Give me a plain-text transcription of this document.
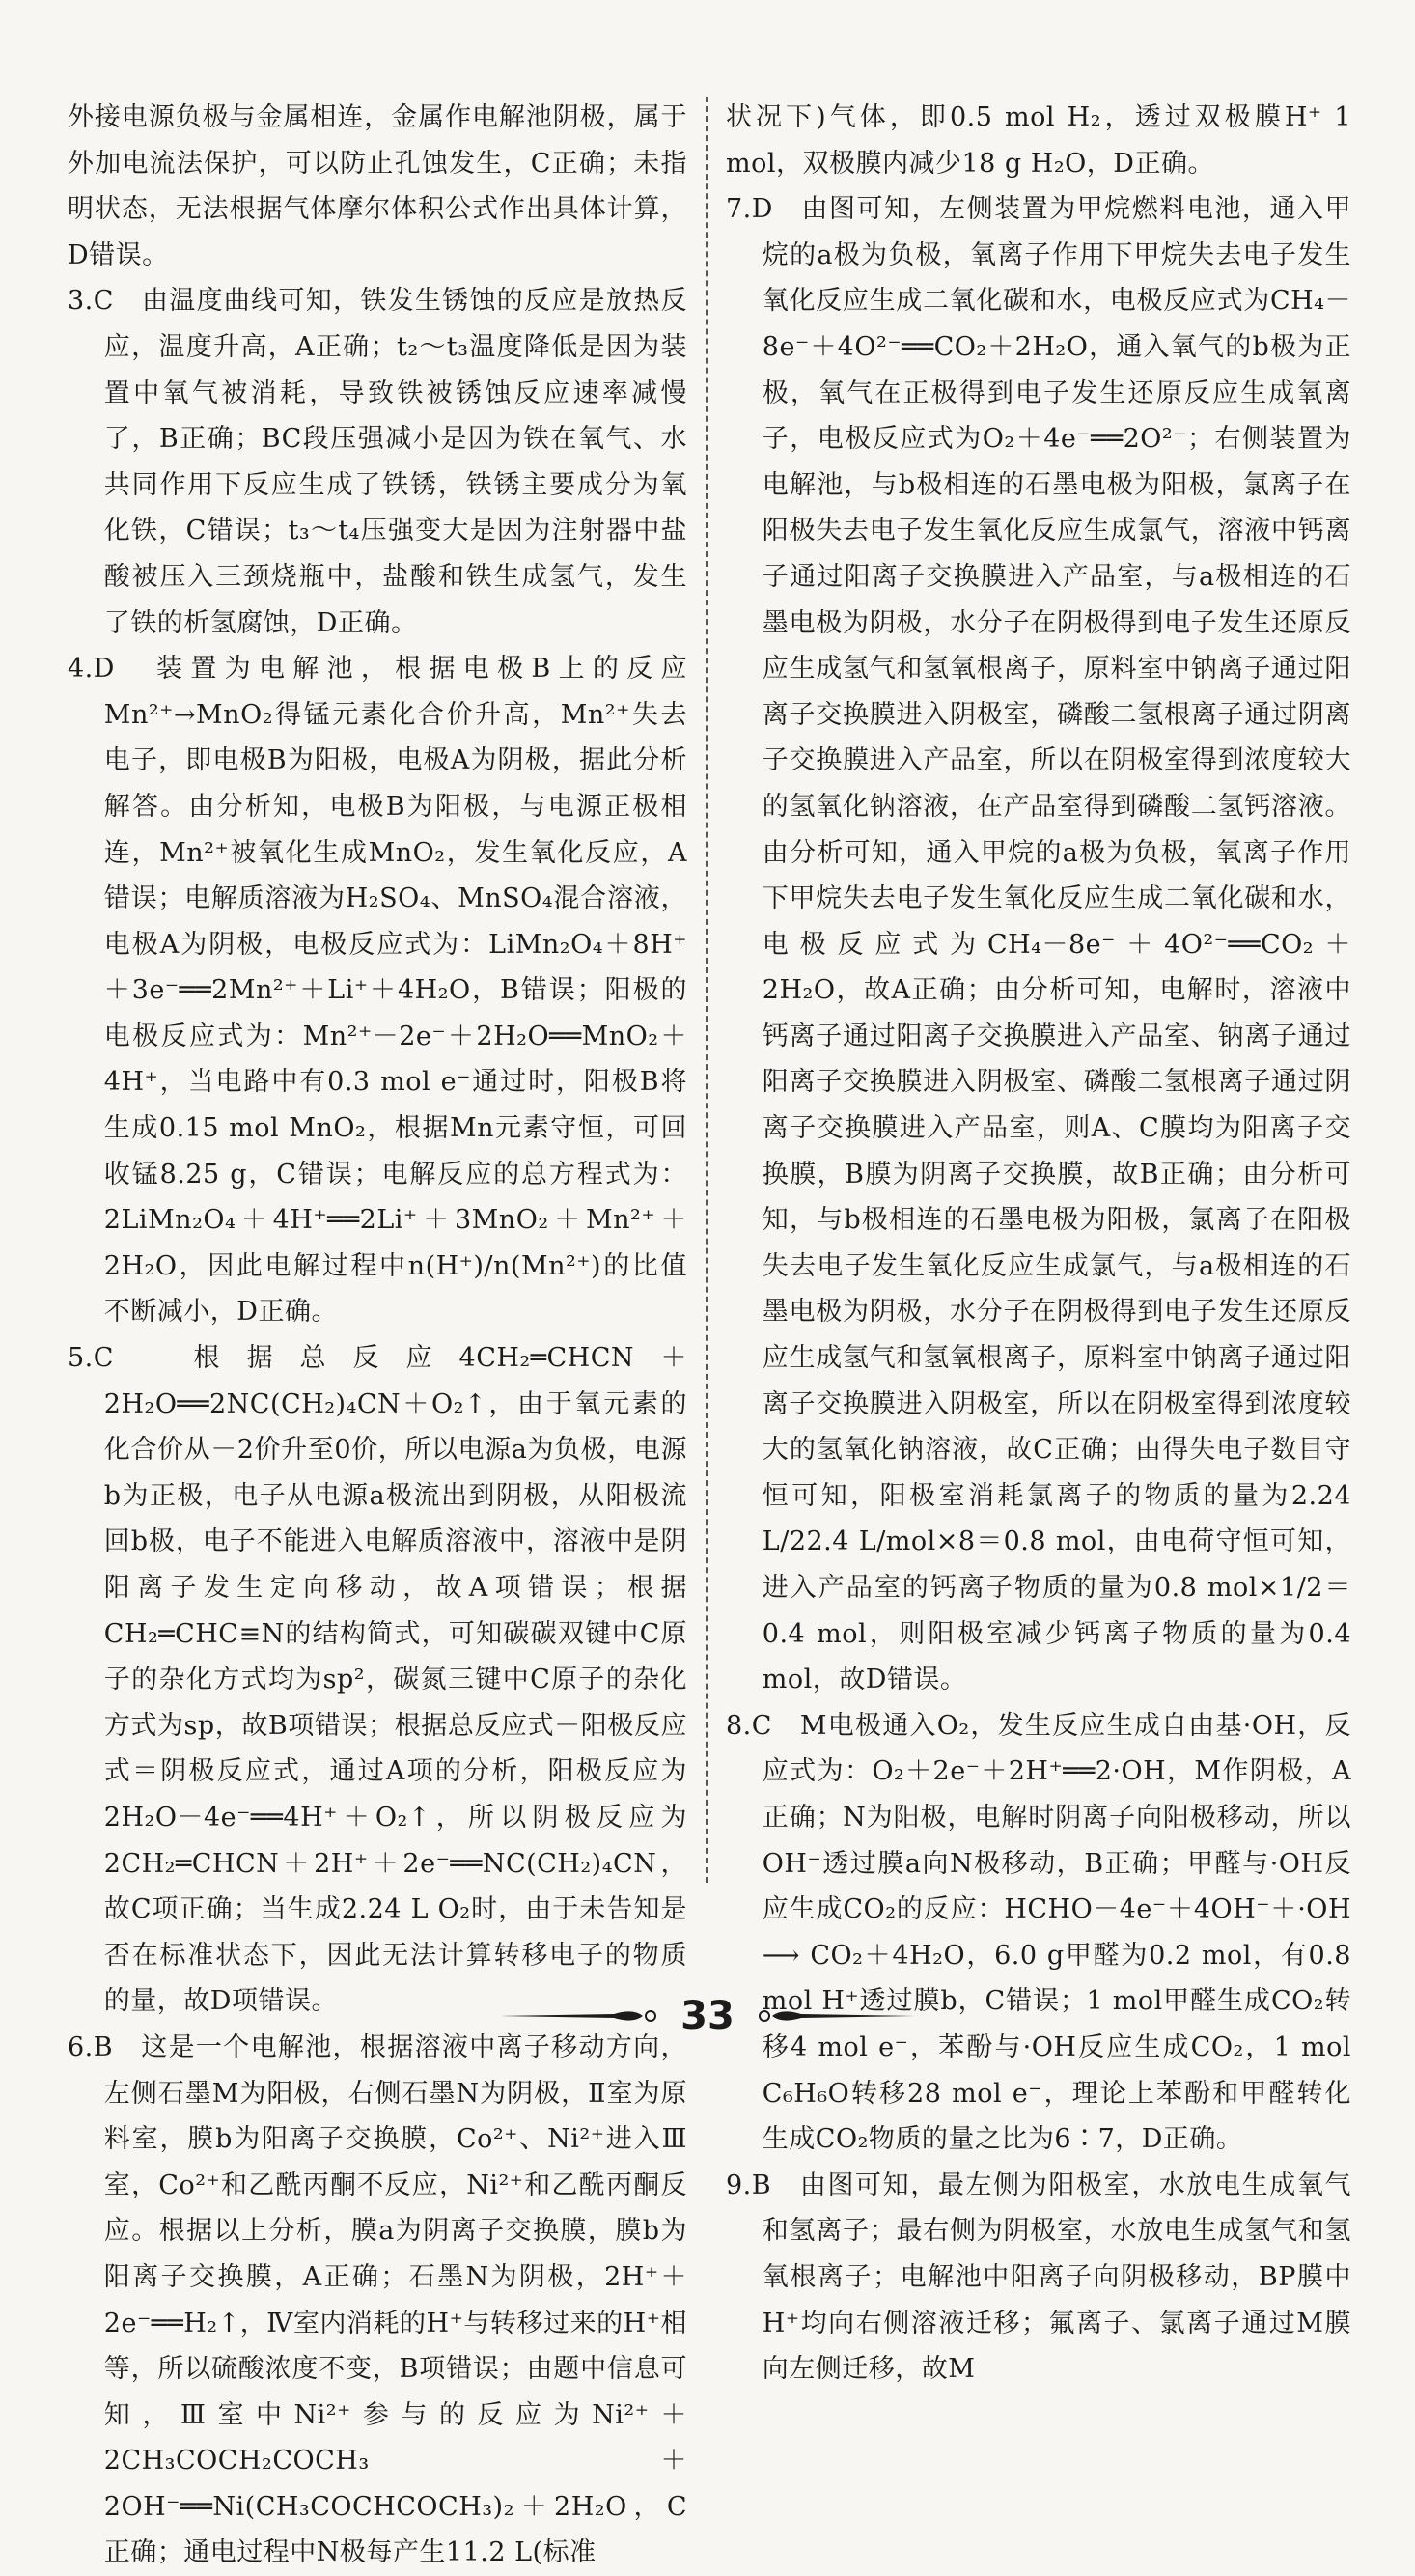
外接电源负极与金属相连，金属作电解池阴极，属于外加电流法保护，可以防止孔蚀发生，C正确；未指明状态，无法根据气体摩尔体积公式作出具体计算，D错误。

3.C　由温度曲线可知，铁发生锈蚀的反应是放热反应，温度升高，A正确；t₂～t₃温度降低是因为装置中氧气被消耗，导致铁被锈蚀反应速率减慢了，B正确；BC段压强减小是因为铁在氧气、水共同作用下反应生成了铁锈，铁锈主要成分为氧化铁，C错误；t₃～t₄压强变大是因为注射器中盐酸被压入三颈烧瓶中，盐酸和铁生成氢气，发生了铁的析氢腐蚀，D正确。

4.D　装置为电解池，根据电极B上的反应Mn²⁺→MnO₂得锰元素化合价升高，Mn²⁺失去电子，即电极B为阳极，电极A为阴极，据此分析解答。由分析知，电极B为阳极，与电源正极相连，Mn²⁺被氧化生成MnO₂，发生氧化反应，A错误；电解质溶液为H₂SO₄、MnSO₄混合溶液，电极A为阴极，电极反应式为：LiMn₂O₄＋8H⁺＋3e⁻══2Mn²⁺＋Li⁺＋4H₂O，B错误；阳极的电极反应式为：Mn²⁺－2e⁻＋2H₂O══MnO₂＋4H⁺，当电路中有0.3 mol e⁻通过时，阳极B将生成0.15 mol MnO₂，根据Mn元素守恒，可回收锰8.25 g，C错误；电解反应的总方程式为：2LiMn₂O₄＋4H⁺══2Li⁺＋3MnO₂＋Mn²⁺＋2H₂O，因此电解过程中n(H⁺)/n(Mn²⁺)的比值不断减小，D正确。

5.C　根据总反应4CH₂═CHCN＋2H₂O══2NC(CH₂)₄CN＋O₂↑，由于氧元素的化合价从－2价升至0价，所以电源a为负极，电源b为正极，电子从电源a极流出到阴极，从阳极流回b极，电子不能进入电解质溶液中，溶液中是阴阳离子发生定向移动，故A项错误；根据CH₂═CHC≡N的结构简式，可知碳碳双键中C原子的杂化方式均为sp²，碳氮三键中C原子的杂化方式为sp，故B项错误；根据总反应式－阳极反应式＝阴极反应式，通过A项的分析，阳极反应为2H₂O－4e⁻══4H⁺＋O₂↑，所以阴极反应为2CH₂═CHCN＋2H⁺＋2e⁻══NC(CH₂)₄CN，故C项正确；当生成2.24 L O₂时，由于未告知是否在标准状态下，因此无法计算转移电子的物质的量，故D项错误。

6.B　这是一个电解池，根据溶液中离子移动方向，左侧石墨M为阳极，右侧石墨N为阴极，Ⅱ室为原料室，膜b为阳离子交换膜，Co²⁺、Ni²⁺进入Ⅲ室，Co²⁺和乙酰丙酮不反应，Ni²⁺和乙酰丙酮反应。根据以上分析，膜a为阴离子交换膜，膜b为阳离子交换膜，A正确；石墨N为阴极，2H⁺＋2e⁻══H₂↑，Ⅳ室内消耗的H⁺与转移过来的H⁺相等，所以硫酸浓度不变，B项错误；由题中信息可知，Ⅲ室中Ni²⁺参与的反应为Ni²⁺＋2CH₃COCH₂COCH₃＋2OH⁻══Ni(CH₃COCHCOCH₃)₂＋2H₂O，C正确；通电过程中N极每产生11.2 L(标准

状况下)气体，即0.5 mol H₂，透过双极膜H⁺ 1 mol，双极膜内减少18 g H₂O，D正确。

7.D　由图可知，左侧装置为甲烷燃料电池，通入甲烷的a极为负极，氧离子作用下甲烷失去电子发生氧化反应生成二氧化碳和水，电极反应式为CH₄－8e⁻＋4O²⁻══CO₂＋2H₂O，通入氧气的b极为正极，氧气在正极得到电子发生还原反应生成氧离子，电极反应式为O₂＋4e⁻══2O²⁻；右侧装置为电解池，与b极相连的石墨电极为阳极，氯离子在阳极失去电子发生氧化反应生成氯气，溶液中钙离子通过阳离子交换膜进入产品室，与a极相连的石墨电极为阴极，水分子在阴极得到电子发生还原反应生成氢气和氢氧根离子，原料室中钠离子通过阳离子交换膜进入阴极室，磷酸二氢根离子通过阴离子交换膜进入产品室，所以在阴极室得到浓度较大的氢氧化钠溶液，在产品室得到磷酸二氢钙溶液。由分析可知，通入甲烷的a极为负极，氧离子作用下甲烷失去电子发生氧化反应生成二氧化碳和水，电极反应式为CH₄－8e⁻＋4O²⁻══CO₂＋2H₂O，故A正确；由分析可知，电解时，溶液中钙离子通过阳离子交换膜进入产品室、钠离子通过阳离子交换膜进入阴极室、磷酸二氢根离子通过阴离子交换膜进入产品室，则A、C膜均为阳离子交换膜，B膜为阴离子交换膜，故B正确；由分析可知，与b极相连的石墨电极为阳极，氯离子在阳极失去电子发生氧化反应生成氯气，与a极相连的石墨电极为阴极，水分子在阴极得到电子发生还原反应生成氢气和氢氧根离子，原料室中钠离子通过阳离子交换膜进入阴极室，所以在阴极室得到浓度较大的氢氧化钠溶液，故C正确；由得失电子数目守恒可知，阳极室消耗氯离子的物质的量为2.24 L/22.4 L/mol×8＝0.8 mol，由电荷守恒可知，进入产品室的钙离子物质的量为0.8 mol×1/2＝0.4 mol，则阳极室减少钙离子物质的量为0.4 mol，故D错误。

8.C　M电极通入O₂，发生反应生成自由基·OH，反应式为：O₂＋2e⁻＋2H⁺══2·OH，M作阴极，A正确；N为阳极，电解时阴离子向阳极移动，所以OH⁻透过膜a向N极移动，B正确；甲醛与·OH反应生成CO₂的反应：HCHO－4e⁻＋4OH⁻＋·OH ⟶ CO₂＋4H₂O，6.0 g甲醛为0.2 mol，有0.8 mol H⁺透过膜b，C错误；1 mol甲醛生成CO₂转移4 mol e⁻，苯酚与·OH反应生成CO₂，1 mol C₆H₆O转移28 mol e⁻，理论上苯酚和甲醛转化生成CO₂物质的量之比为6∶7，D正确。

9.B　由图可知，最左侧为阳极室，水放电生成氧气和氢离子；最右侧为阴极室，水放电生成氢气和氢氧根离子；电解池中阳离子向阴极移动，BP膜中H⁺均向右侧溶液迁移；氟离子、氯离子通过M膜向左侧迁移，故M

33
